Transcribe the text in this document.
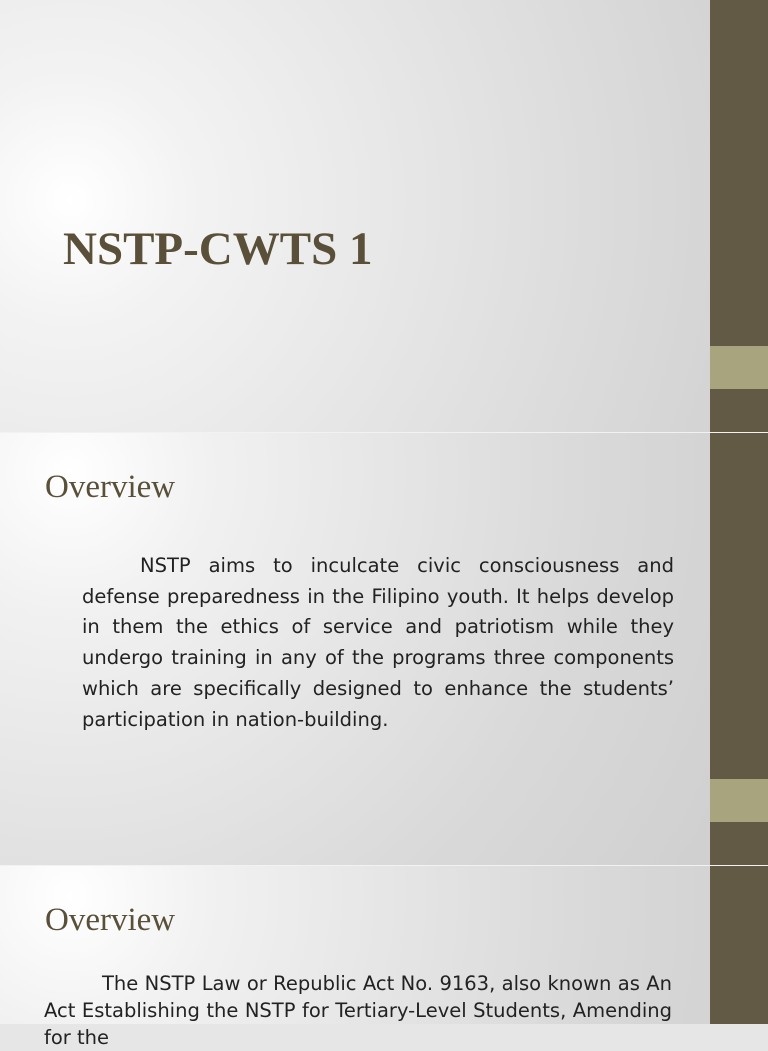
NSTP-CWTS 1
Overview

NSTP aims to inculcate civic consciousness and defense preparedness in the Filipino youth. It helps develop in them the ethics of service and patriotism while they undergo training in any of the programs three components which are specifically designed to enhance the students’ participation in nation-building.

Overview

The NSTP Law or Republic Act No. 9163, also known as An Act Establishing the NSTP for Tertiary-Level Students, Amending for the
